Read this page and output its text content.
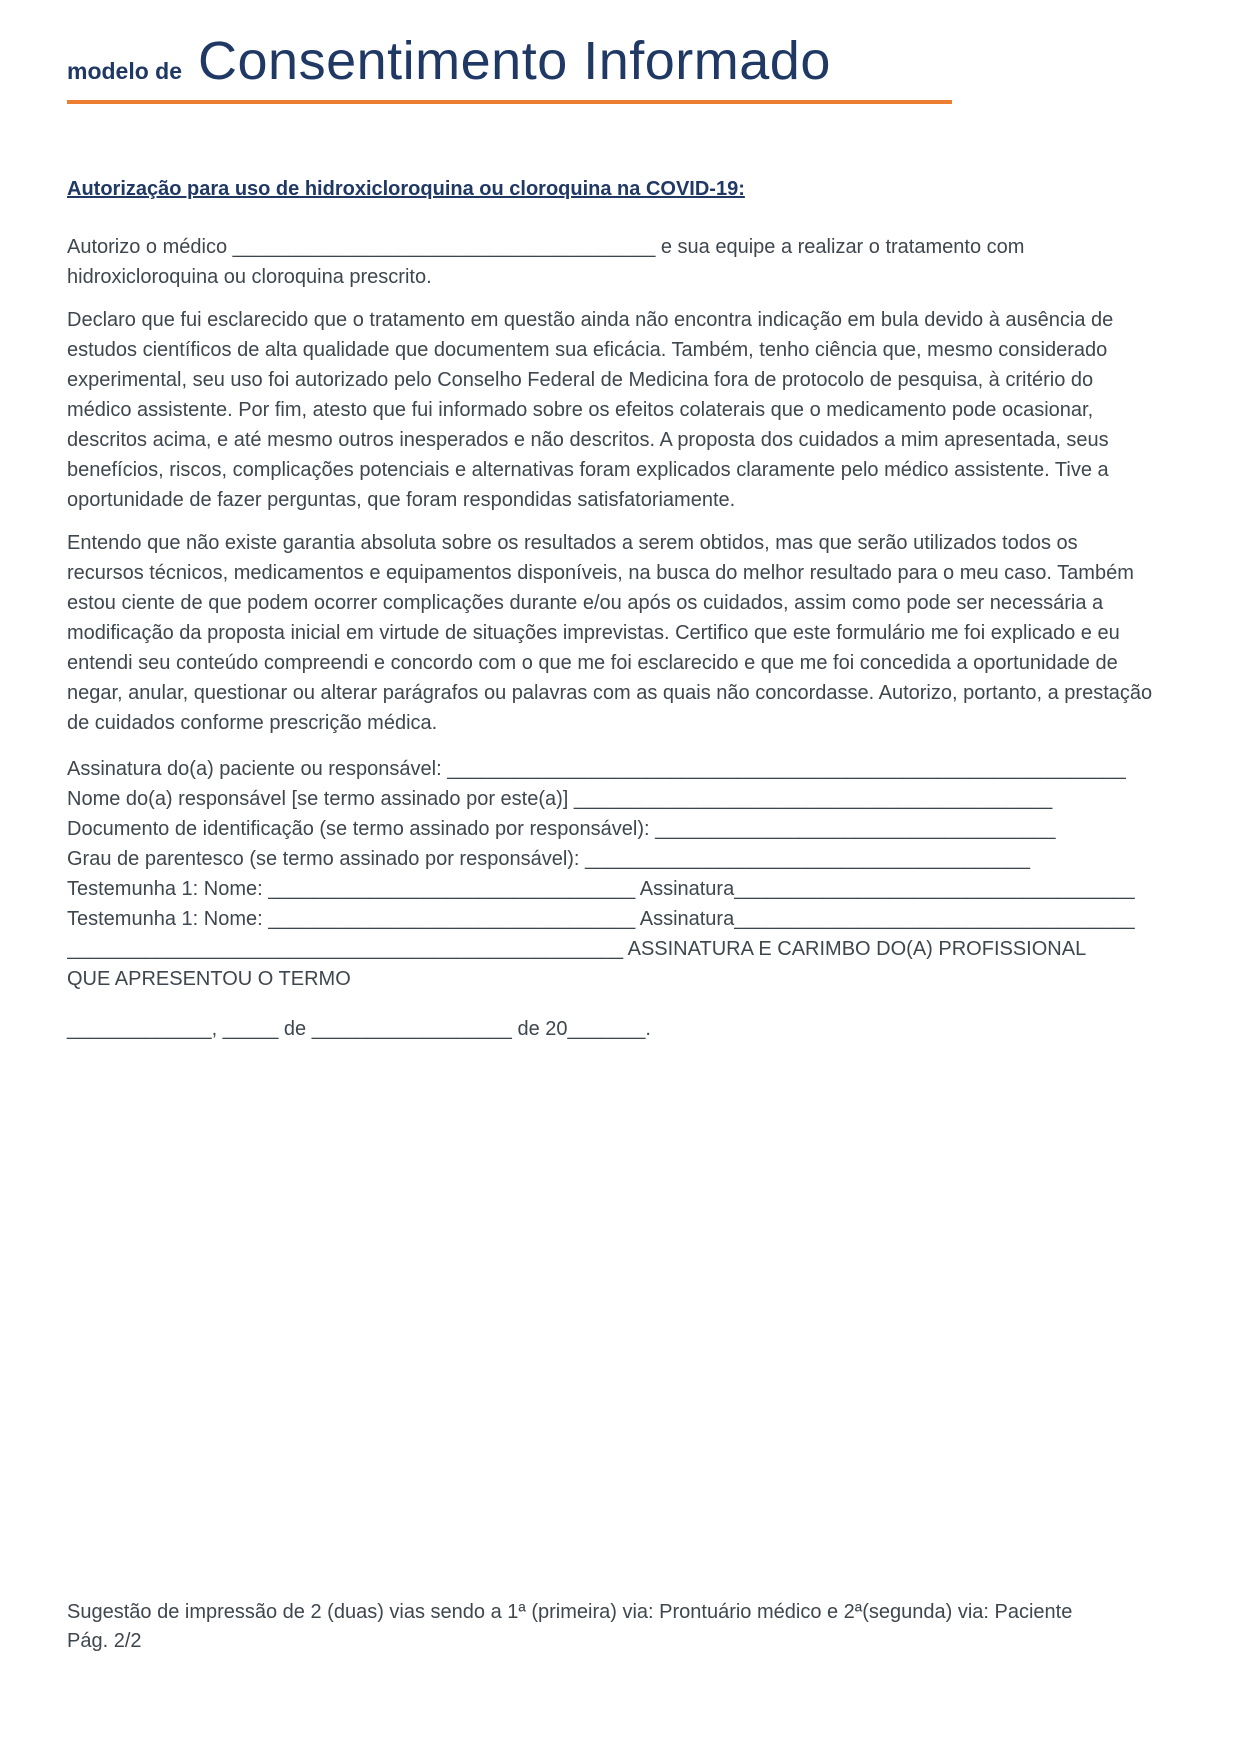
modelo de Consentimento Informado
Autorização para uso de hidroxicloroquina ou cloroquina na COVID-19:

Autorizo o médico ______________________________________ e sua equipe a realizar o tratamento com hidroxicloroquina ou cloroquina prescrito.

Declaro que fui esclarecido que o tratamento em questão ainda não encontra indicação em bula devido à ausência de estudos científicos de alta qualidade que documentem sua eficácia. Também, tenho ciência que, mesmo considerado experimental, seu uso foi autorizado pelo Conselho Federal de Medicina fora de protocolo de pesquisa, à critério do médico assistente. Por fim, atesto que fui informado sobre os efeitos colaterais que o medicamento pode ocasionar, descritos acima, e até mesmo outros inesperados e não descritos. A proposta dos cuidados a mim apresentada, seus benefícios, riscos, complicações potenciais e alternativas foram explicados claramente pelo médico assistente. Tive a oportunidade de fazer perguntas, que foram respondidas satisfatoriamente.

Entendo que não existe garantia absoluta sobre os resultados a serem obtidos, mas que serão utilizados todos os recursos técnicos, medicamentos e equipamentos disponíveis, na busca do melhor resultado para o meu caso. Também estou ciente de que podem ocorrer complicações durante e/ou após os cuidados, assim como pode ser necessária a modificação da proposta inicial em virtude de situações imprevistas. Certifico que este formulário me foi explicado e eu entendi seu conteúdo compreendi e concordo com o que me foi esclarecido e que me foi concedida a oportunidade de negar, anular, questionar ou alterar parágrafos ou palavras com as quais não concordasse. Autorizo, portanto, a prestação de cuidados conforme prescrição médica.

Assinatura do(a) paciente ou responsável: _____________________________________________________________
Nome do(a) responsável [se termo assinado por este(a)] ___________________________________________
Documento de identificação (se termo assinado por responsável): ____________________________________
Grau de parentesco (se termo assinado por responsável): ________________________________________
Testemunha 1: Nome: _________________________________ Assinatura____________________________________
Testemunha 1: Nome: _________________________________ Assinatura____________________________________
__________________________________________________ ASSINATURA E CARIMBO DO(A) PROFISSIONAL
QUE APRESENTOU O TERMO
_____________, _____ de __________________ de 20_______.
Sugestão de impressão de 2 (duas) vias sendo a 1ª (primeira) via: Prontuário médico e 2ª(segunda) via: Paciente
Pág. 2/2
